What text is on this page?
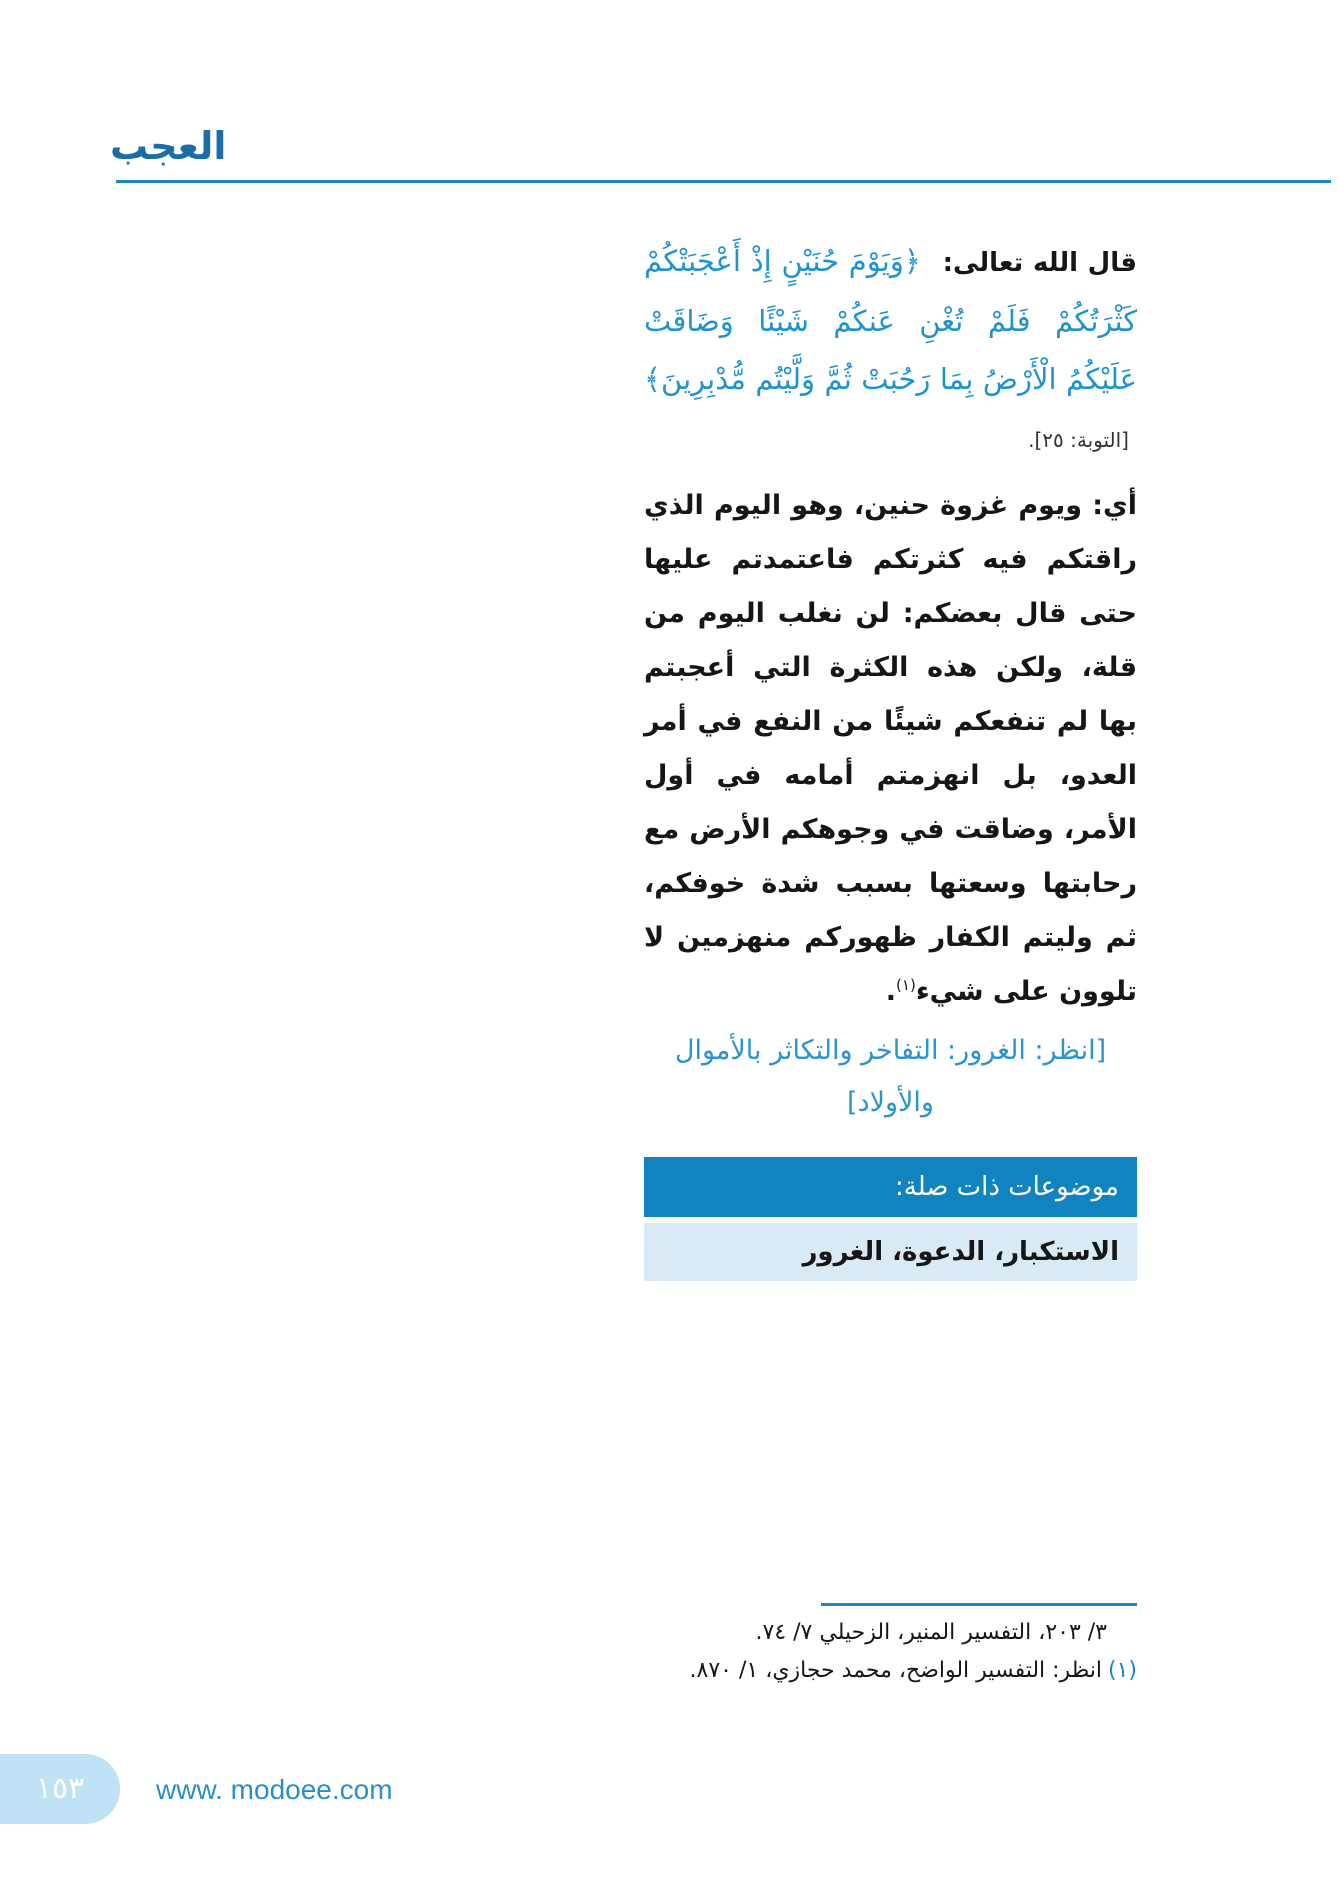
العجب

قال الله تعالى: ﴿وَيَوْمَ حُنَيْنٍ إِذْ أَعْجَبَتْكُمْ كَثْرَتُكُمْ فَلَمْ تُغْنِ عَنكُمْ شَيْئًا وَضَاقَتْ عَلَيْكُمُ الْأَرْضُ بِمَا رَحُبَتْ ثُمَّ وَلَّيْتُم مُّدْبِرِينَ﴾ [التوبة: ٢٥].

أي: ويوم غزوة حنين، وهو اليوم الذي راقتكم فيه كثرتكم فاعتمدتم عليها حتى قال بعضكم: لن نغلب اليوم من قلة، ولكن هذه الكثرة التي أعجبتم بها لم تنفعكم شيئًا من النفع في أمر العدو، بل انهزمتم أمامه في أول الأمر، وضاقت في وجوهكم الأرض مع رحابتها وسعتها بسبب شدة خوفكم، ثم وليتم الكفار ظهوركم منهزمين لا تلوون على شيء$^{(١)}$.

[انظر: الغرور: التفاخر والتكاثر بالأموال والأولاد]

موضوعات ذات صلة:
الاستكبار، الدعوة، الغرور

٣/ ٢٠٣، التفسير المنير، الزحيلي ٧/ ٧٤.

(١)انظر: التفسير الواضح، محمد حجازي، ١/ ٨٧٠.

١٥٣	www. modoee.com
